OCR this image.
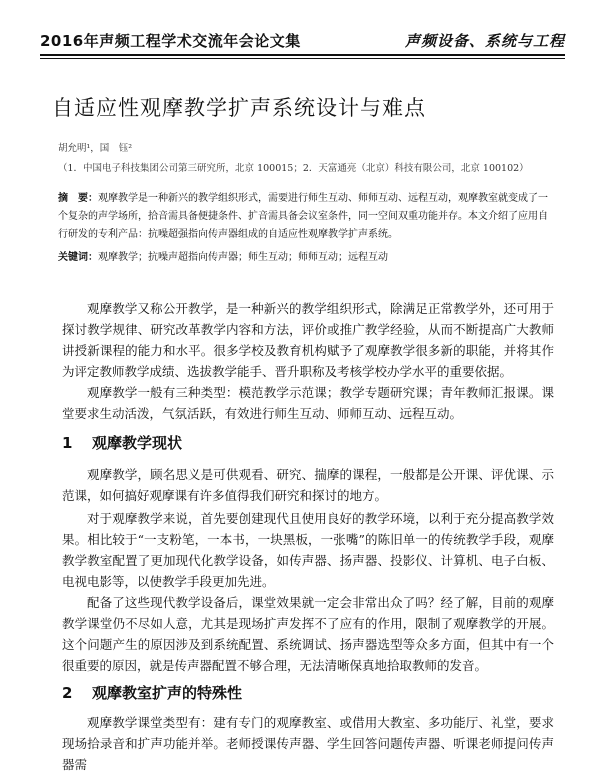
2016年声频工程学术交流年会论文集	声频设备、系统与工程
自适应性观摩教学扩声系统设计与难点
胡允明¹，国　钰²
（1．中国电子科技集团公司第三研究所，北京 100015；2．天富通亮（北京）科技有限公司，北京 100102）
摘　要：观摩教学是一种新兴的教学组织形式，需要进行师生互动、师师互动、远程互动，观摩教室就变成了一个复杂的声学场所，拾音需具备便捷条件、扩音需具备会议室条件，同一空间双重功能并存。本文介绍了应用自行研发的专利产品：抗噪超强指向传声器组成的自适应性观摩教学扩声系统。
关键词：观摩教学；抗噪声超指向传声器；师生互动；师师互动；远程互动
观摩教学又称公开教学，是一种新兴的教学组织形式，除满足正常教学外，还可用于探讨教学规律、研究改革教学内容和方法，评价或推广教学经验，从而不断提高广大教师讲授新课程的能力和水平。很多学校及教育机构赋予了观摩教学很多新的职能，并将其作为评定教师教学成绩、选拔教学能手、晋升职称及考核学校办学水平的重要依据。
观摩教学一般有三种类型：模范教学示范课；教学专题研究课；青年教师汇报课。课堂要求生动活泼，气氛活跃，有效进行师生互动、师师互动、远程互动。
1 观摩教学现状
观摩教学，顾名思义是可供观看、研究、揣摩的课程，一般都是公开课、评优课、示范课，如何搞好观摩课有许多值得我们研究和探讨的地方。
对于观摩教学来说，首先要创建现代且使用良好的教学环境，以利于充分提高教学效果。相比较于“一支粉笔，一本书，一块黑板，一张嘴”的陈旧单一的传统教学手段，观摩教学教室配置了更加现代化教学设备，如传声器、扬声器、投影仪、计算机、电子白板、电视电影等，以使教学手段更加先进。
配备了这些现代教学设备后，课堂效果就一定会非常出众了吗？经了解，目前的观摩教学课堂仍不尽如人意，尤其是现场扩声发挥不了应有的作用，限制了观摩教学的开展。这个问题产生的原因涉及到系统配置、系统调试、扬声器选型等众多方面，但其中有一个很重要的原因，就是传声器配置不够合理，无法清晰保真地拾取教师的发音。
2 观摩教室扩声的特殊性
观摩教学课堂类型有：建有专门的观摩教室、或借用大教室、多功能厅、礼堂，要求现场拾录音和扩声功能并举。老师授课传声器、学生回答问题传声器、听课老师提问传声器需
